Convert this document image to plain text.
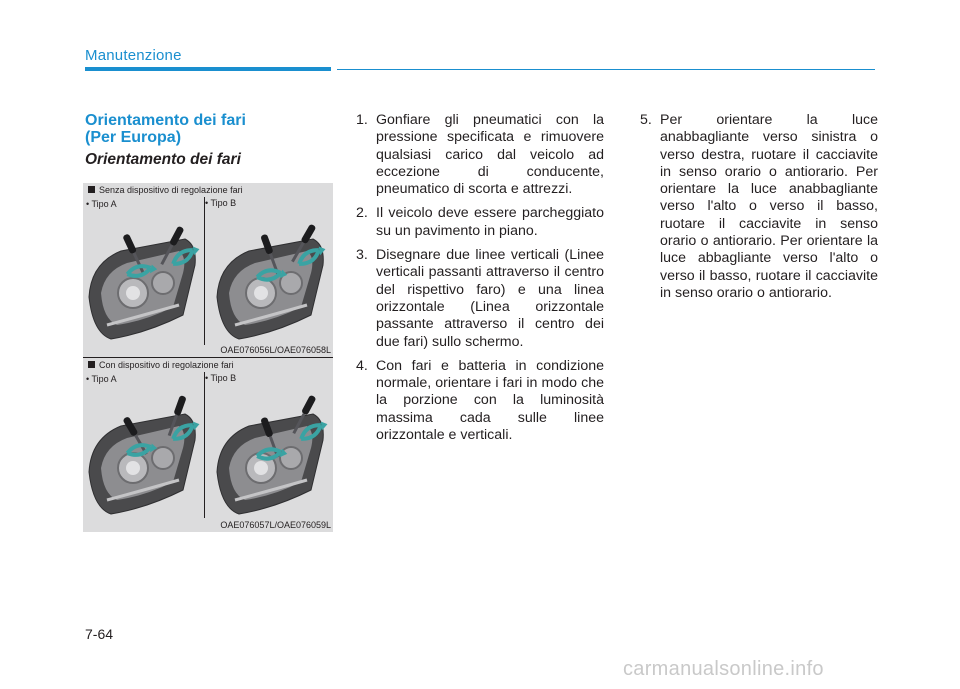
Manutenzione
Orientamento dei fari
(Per Europa)
Orientamento dei fari
Senza dispositivo di regolazione fari
• Tipo A	• Tipo B
OAE076056L/OAE076058L
Con dispositivo di regolazione fari
• Tipo A	• Tipo B
OAE076057L/OAE076059L
1. Gonfiare gli pneumatici con la pressione specificata e rimuovere qualsiasi carico dal veicolo ad eccezione di conducente, pneumatico di scorta e attrezzi.
2. Il veicolo deve essere parcheggiato su un pavimento in piano.
3. Disegnare due linee verticali (Linee verticali passanti attraverso il centro del rispettivo faro) e una linea orizzontale (Linea orizzontale passante attraverso il centro dei due fari) sullo schermo.
4. Con fari e batteria in condizione normale, orientare i fari in modo che la porzione con la luminosità massima cada sulle linee orizzontale e verticali.
5. Per orientare la luce anabbagliante verso sinistra o verso destra, ruotare il cacciavite in senso orario o antiorario. Per orientare la luce anabbagliante verso l'alto o verso il basso, ruotare il cacciavite in senso orario o antiorario. Per orientare la luce abbagliante verso l'alto o verso il basso, ruotare il cacciavite in senso orario o antiorario.
7-64
carmanualsonline.info
